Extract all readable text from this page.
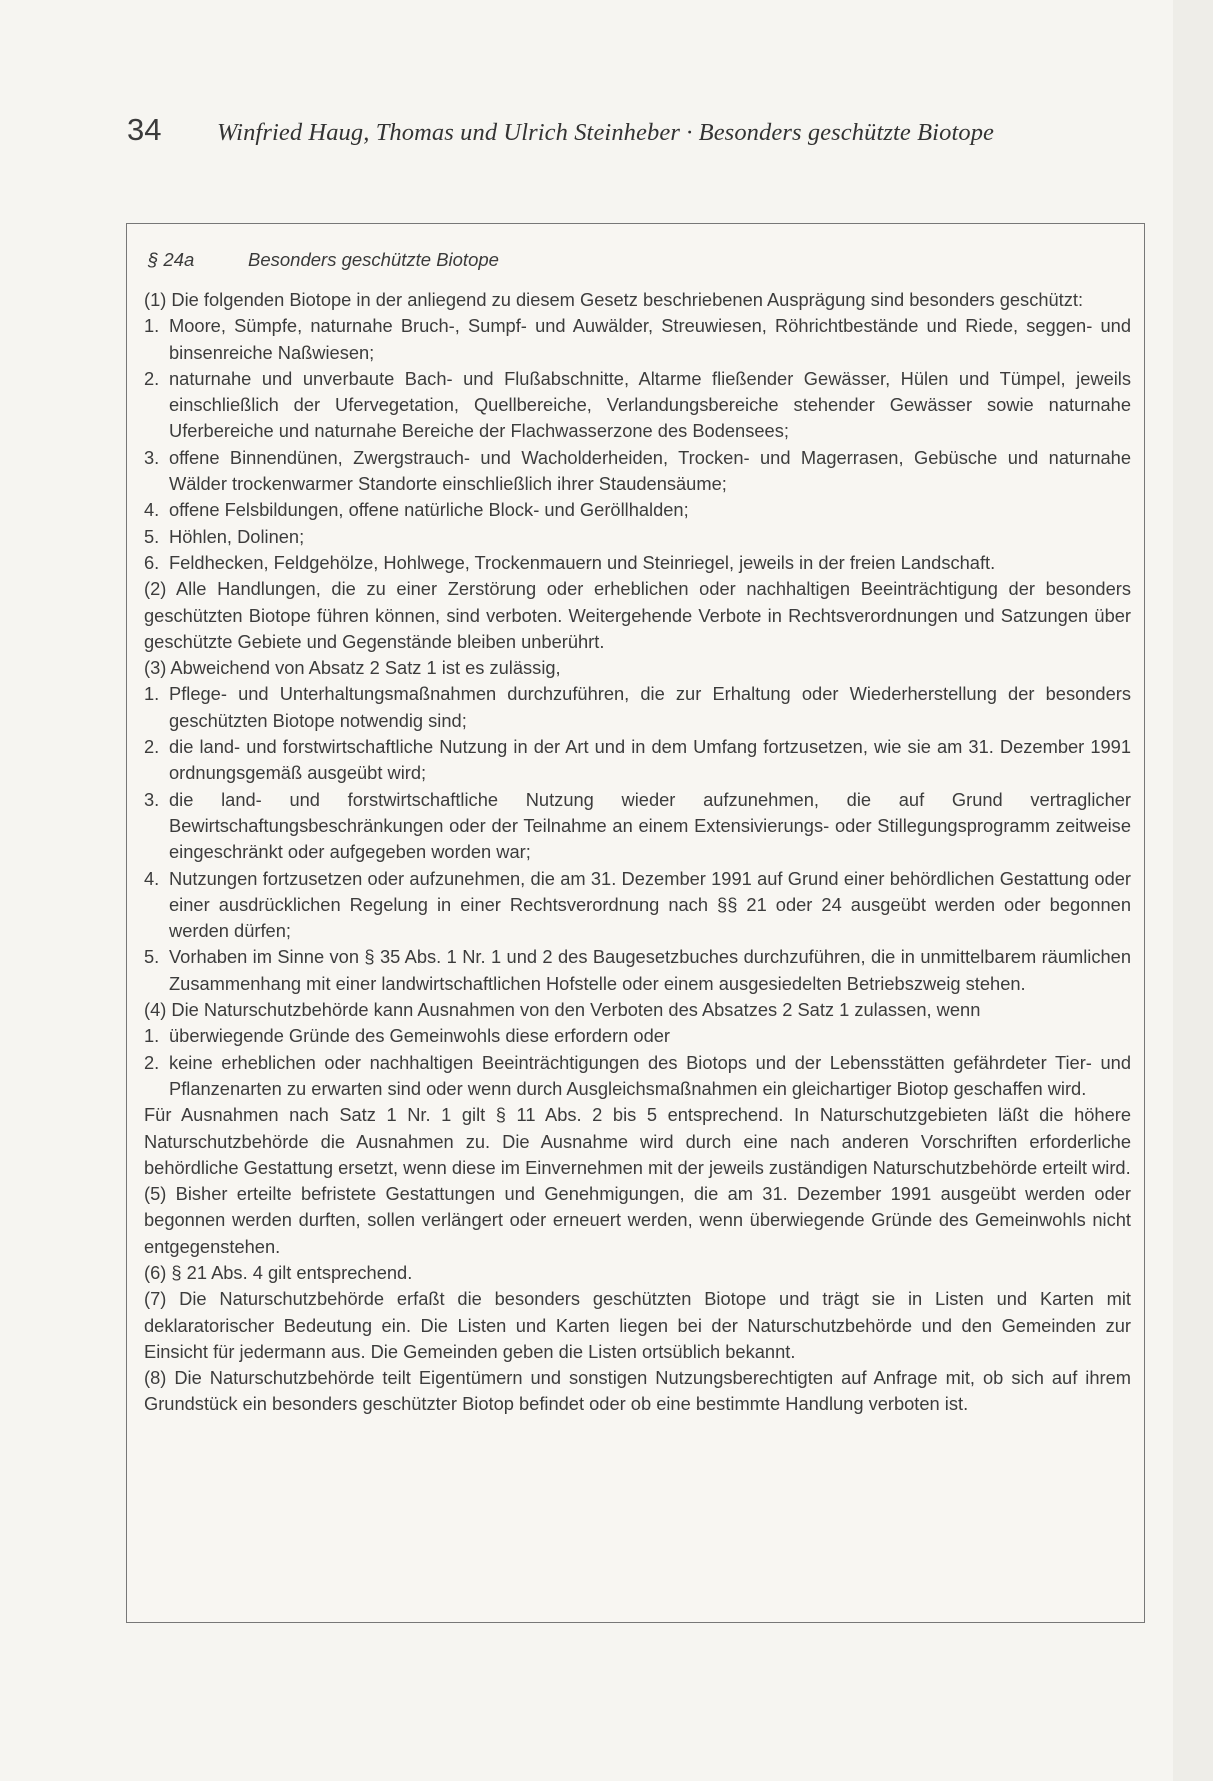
34	Winfried Haug, Thomas und Ulrich Steinheber · Besonders geschützte Biotope
§ 24a	Besonders geschützte Biotope
(1) Die folgenden Biotope in der anliegend zu diesem Gesetz beschriebenen Ausprägung sind besonders geschützt:
1. Moore, Sümpfe, naturnahe Bruch-, Sumpf- und Auwälder, Streuwiesen, Röhrichtbestände und Riede, seggen- und binsenreiche Naßwiesen;
2. naturnahe und unverbaute Bach- und Flußabschnitte, Altarme fließender Gewässer, Hülen und Tümpel, jeweils einschließlich der Ufervegetation, Quellbereiche, Verlandungsbereiche stehender Gewässer sowie naturnahe Uferbereiche und naturnahe Bereiche der Flachwasserzone des Bodensees;
3. offene Binnendünen, Zwergstrauch- und Wacholderheiden, Trocken- und Magerrasen, Gebüsche und naturnahe Wälder trockenwarmer Standorte einschließlich ihrer Staudensäume;
4. offene Felsbildungen, offene natürliche Block- und Geröllhalden;
5. Höhlen, Dolinen;
6. Feldhecken, Feldgehölze, Hohlwege, Trockenmauern und Steinriegel, jeweils in der freien Landschaft.
(2) Alle Handlungen, die zu einer Zerstörung oder erheblichen oder nachhaltigen Beeinträchtigung der besonders geschützten Biotope führen können, sind verboten. Weitergehende Verbote in Rechtsverordnungen und Satzungen über geschützte Gebiete und Gegenstände bleiben unberührt.
(3) Abweichend von Absatz 2 Satz 1 ist es zulässig,
1. Pflege- und Unterhaltungsmaßnahmen durchzuführen, die zur Erhaltung oder Wiederherstellung der besonders geschützten Biotope notwendig sind;
2. die land- und forstwirtschaftliche Nutzung in der Art und in dem Umfang fortzusetzen, wie sie am 31. Dezember 1991 ordnungsgemäß ausgeübt wird;
3. die land- und forstwirtschaftliche Nutzung wieder aufzunehmen, die auf Grund vertraglicher Bewirtschaftungsbeschränkungen oder der Teilnahme an einem Extensivierungs- oder Stillegungsprogramm zeitweise eingeschränkt oder aufgegeben worden war;
4. Nutzungen fortzusetzen oder aufzunehmen, die am 31. Dezember 1991 auf Grund einer behördlichen Gestattung oder einer ausdrücklichen Regelung in einer Rechtsverordnung nach §§ 21 oder 24 ausgeübt werden oder begonnen werden dürfen;
5. Vorhaben im Sinne von § 35 Abs. 1 Nr. 1 und 2 des Baugesetzbuches durchzuführen, die in unmittelbarem räumlichen Zusammenhang mit einer landwirtschaftlichen Hofstelle oder einem ausgesiedelten Betriebszweig stehen.
(4) Die Naturschutzbehörde kann Ausnahmen von den Verboten des Absatzes 2 Satz 1 zulassen, wenn
1. überwiegende Gründe des Gemeinwohls diese erfordern oder
2. keine erheblichen oder nachhaltigen Beeinträchtigungen des Biotops und der Lebensstätten gefährdeter Tier- und Pflanzenarten zu erwarten sind oder wenn durch Ausgleichsmaßnahmen ein gleichartiger Biotop geschaffen wird.
Für Ausnahmen nach Satz 1 Nr. 1 gilt § 11 Abs. 2 bis 5 entsprechend. In Naturschutzgebieten läßt die höhere Naturschutzbehörde die Ausnahmen zu. Die Ausnahme wird durch eine nach anderen Vorschriften erforderliche behördliche Gestattung ersetzt, wenn diese im Einvernehmen mit der jeweils zuständigen Naturschutzbehörde erteilt wird.
(5) Bisher erteilte befristete Gestattungen und Genehmigungen, die am 31. Dezember 1991 ausgeübt werden oder begonnen werden durften, sollen verlängert oder erneuert werden, wenn überwiegende Gründe des Gemeinwohls nicht entgegenstehen.
(6) § 21 Abs. 4 gilt entsprechend.
(7) Die Naturschutzbehörde erfaßt die besonders geschützten Biotope und trägt sie in Listen und Karten mit deklaratorischer Bedeutung ein. Die Listen und Karten liegen bei der Naturschutzbehörde und den Gemeinden zur Einsicht für jedermann aus. Die Gemeinden geben die Listen ortsüblich bekannt.
(8) Die Naturschutzbehörde teilt Eigentümern und sonstigen Nutzungsberechtigten auf Anfrage mit, ob sich auf ihrem Grundstück ein besonders geschützter Biotop befindet oder ob eine bestimmte Handlung verboten ist.
